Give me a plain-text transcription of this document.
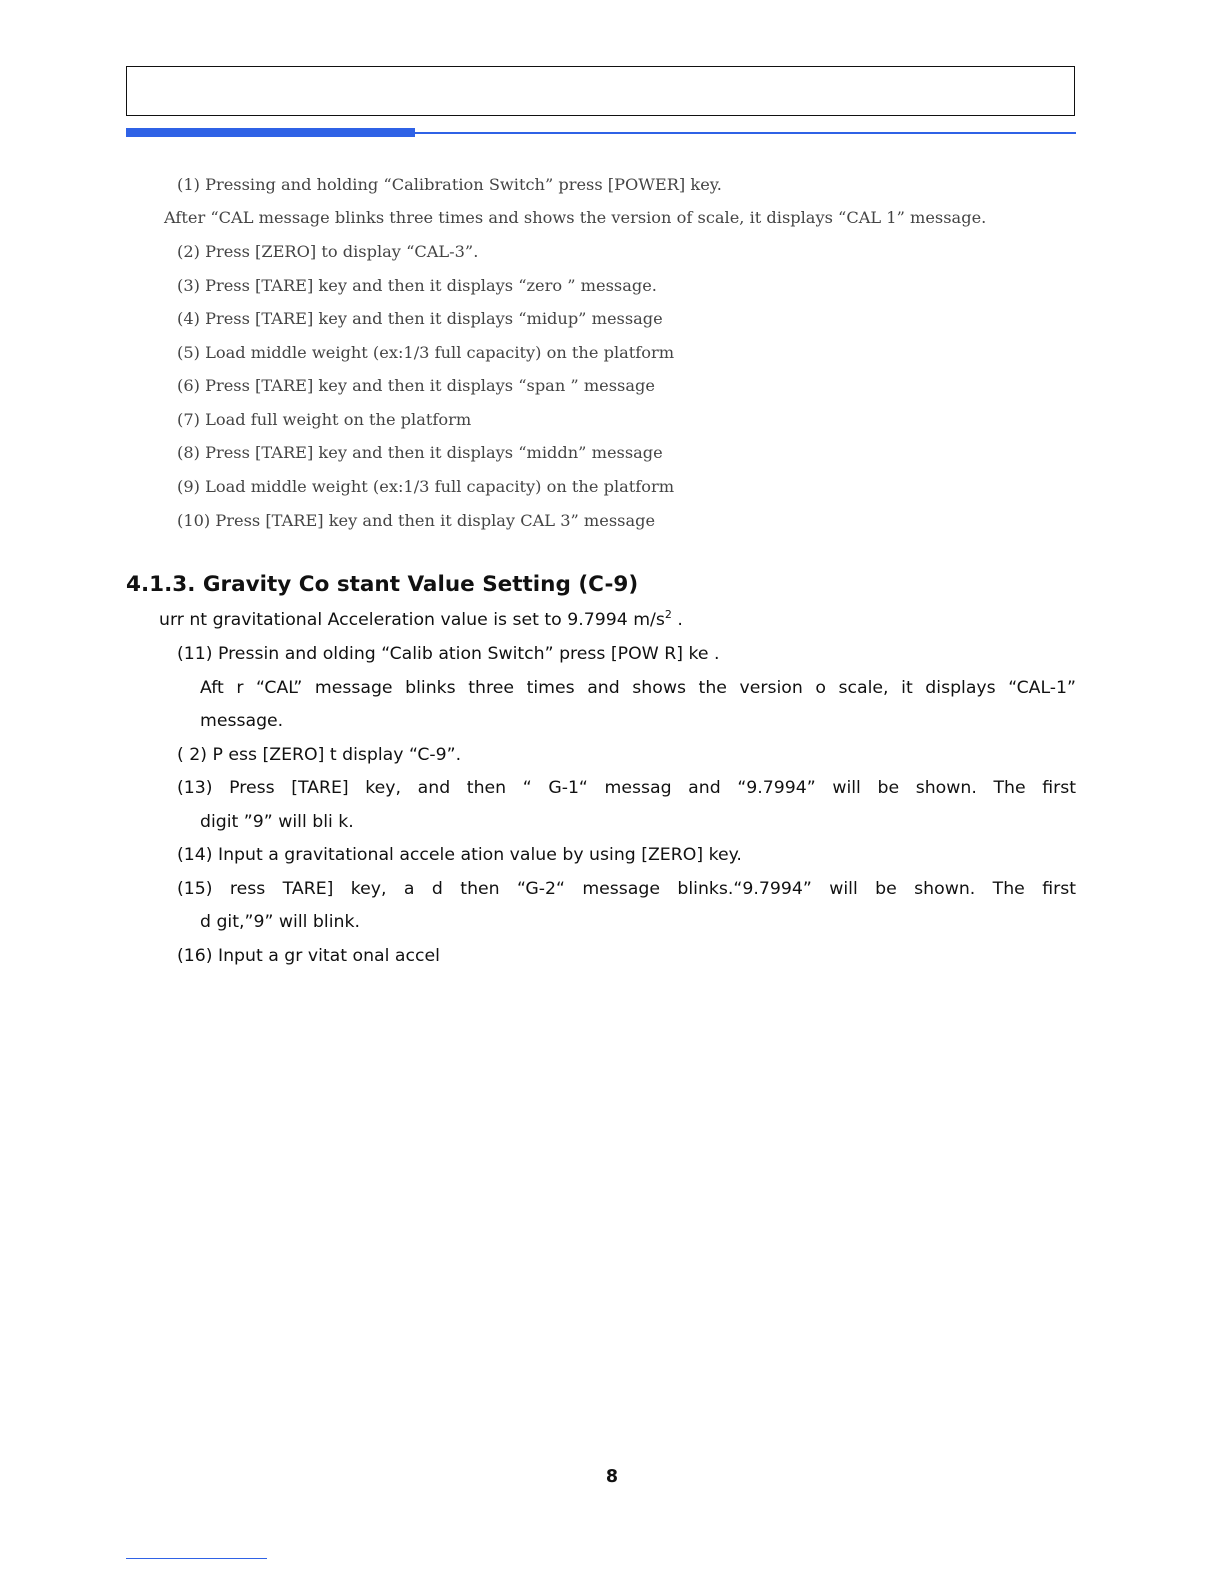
(1) Pressing and holding “Calibration Switch” press [POWER] key.
After “CAL message blinks three times and shows the version of scale, it displays “CAL 1” message.
(2) Press [ZERO] to display “CAL-3”.
(3) Press [TARE] key and then it displays “zero ” message.
(4) Press [TARE] key and then it displays “midup” message
(5) Load middle weight (ex:1/3 full capacity) on the platform
(6) Press [TARE] key and then it displays “span ” message
(7) Load full weight on the platform
(8) Press [TARE] key and then it displays “middn” message
(9) Load middle weight (ex:1/3 full capacity) on the platform
(10) Press [TARE] key and then it display CAL 3” message
4.1.3. Gravity Co stant Value Setting (C-9)
urr nt gravitational Acceleration value is set to 9.7994 $m/s^2$ .
(11) Pressin and olding “Calib ation Switch” press [POW R] ke .
Aft r “CAL” message blinks three times and shows the version o scale, it displays “CAL-1”
message.
( 2) P ess [ZERO] t display “C-9”.
(13) Press [TARE] key, and then “ G-1“ messag and “9.7994” will be shown. The first
digit ”9” will bli k.
(14) Input a gravitational accele ation value by using [ZERO] key.
(15) ress TARE] key, a d then “G-2“ message blinks.“9.7994” will be shown. The first
d git,”9” will blink.
(16) Input a gr vitat onal accel
8
